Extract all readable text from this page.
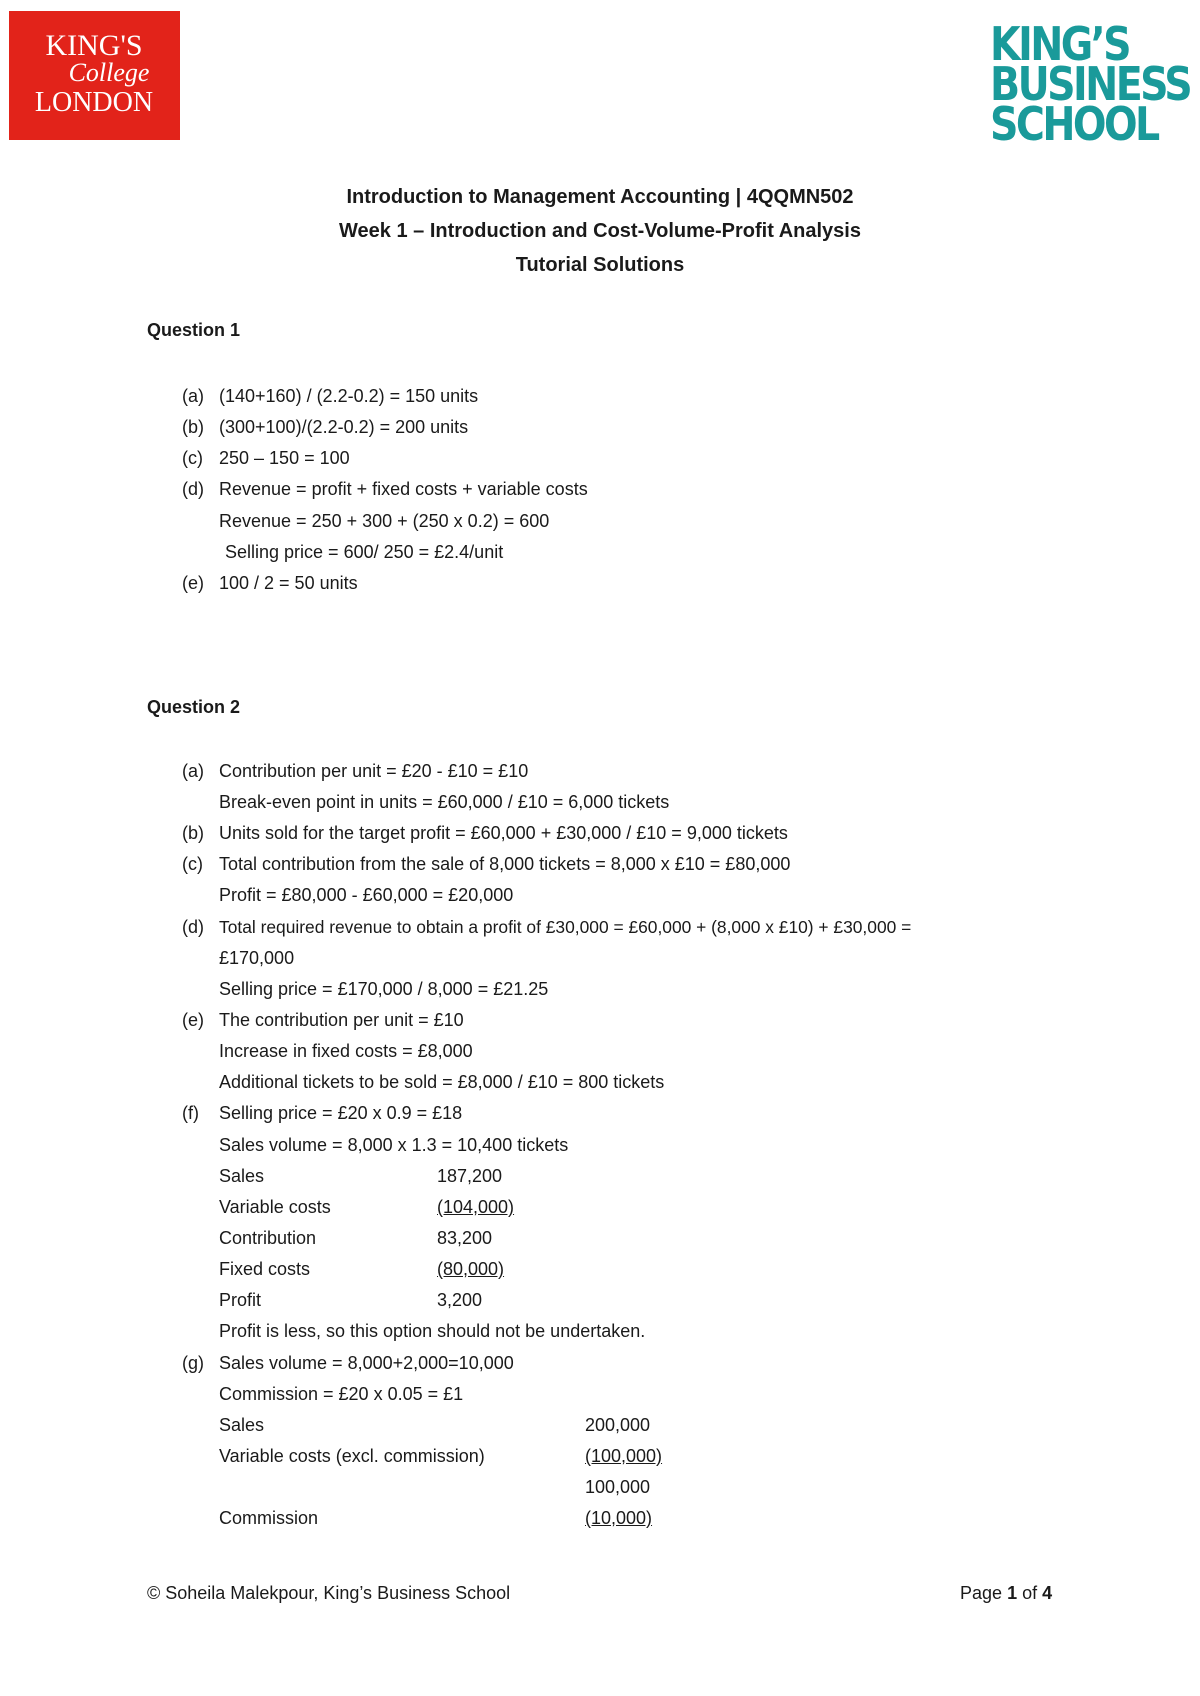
KING'S
College
LONDON
KING’S
BUSINESS
SCHOOL
Introduction to Management Accounting | 4QQMN502
Week 1 – Introduction and Cost-Volume-Profit Analysis
Tutorial Solutions
Question 1
(a) (140+160) / (2.2-0.2) = 150 units
(b) (300+100)/(2.2-0.2) = 200 units
(c) 250 – 150 = 100
(d) Revenue = profit + fixed costs + variable costs
Revenue = 250 + 300 + (250 x 0.2) = 600
Selling price = 600/ 250 = £2.4/unit
(e) 100 / 2 = 50 units
Question 2
(a) Contribution per unit = £20 - £10 = £10
Break-even point in units = £60,000 / £10 = 6,000 tickets
(b) Units sold for the target profit = £60,000 + £30,000 / £10 = 9,000 tickets
(c) Total contribution from the sale of 8,000 tickets = 8,000 x £10 = £80,000
Profit = £80,000 - £60,000 = £20,000
(d) Total required revenue to obtain a profit of £30,000 = £60,000 + (8,000 x £10) + £30,000 =
£170,000
Selling price = £170,000 / 8,000 = £21.25
(e) The contribution per unit = £10
Increase in fixed costs = £8,000
Additional tickets to be sold = £8,000 / £10 = 800 tickets
(f) Selling price = £20 x 0.9 = £18
Sales volume = 8,000 x 1.3 = 10,400 tickets
Sales	187,200
Variable costs	(104,000)
Contribution	83,200
Fixed costs	(80,000)
Profit	3,200
Profit is less, so this option should not be undertaken.
(g) Sales volume = 8,000+2,000=10,000
Commission = £20 x 0.05 = £1
Sales	200,000
Variable costs (excl. commission)	(100,000)
100,000
Commission	(10,000)
© Soheila Malekpour, King’s Business School	Page 1 of 4
